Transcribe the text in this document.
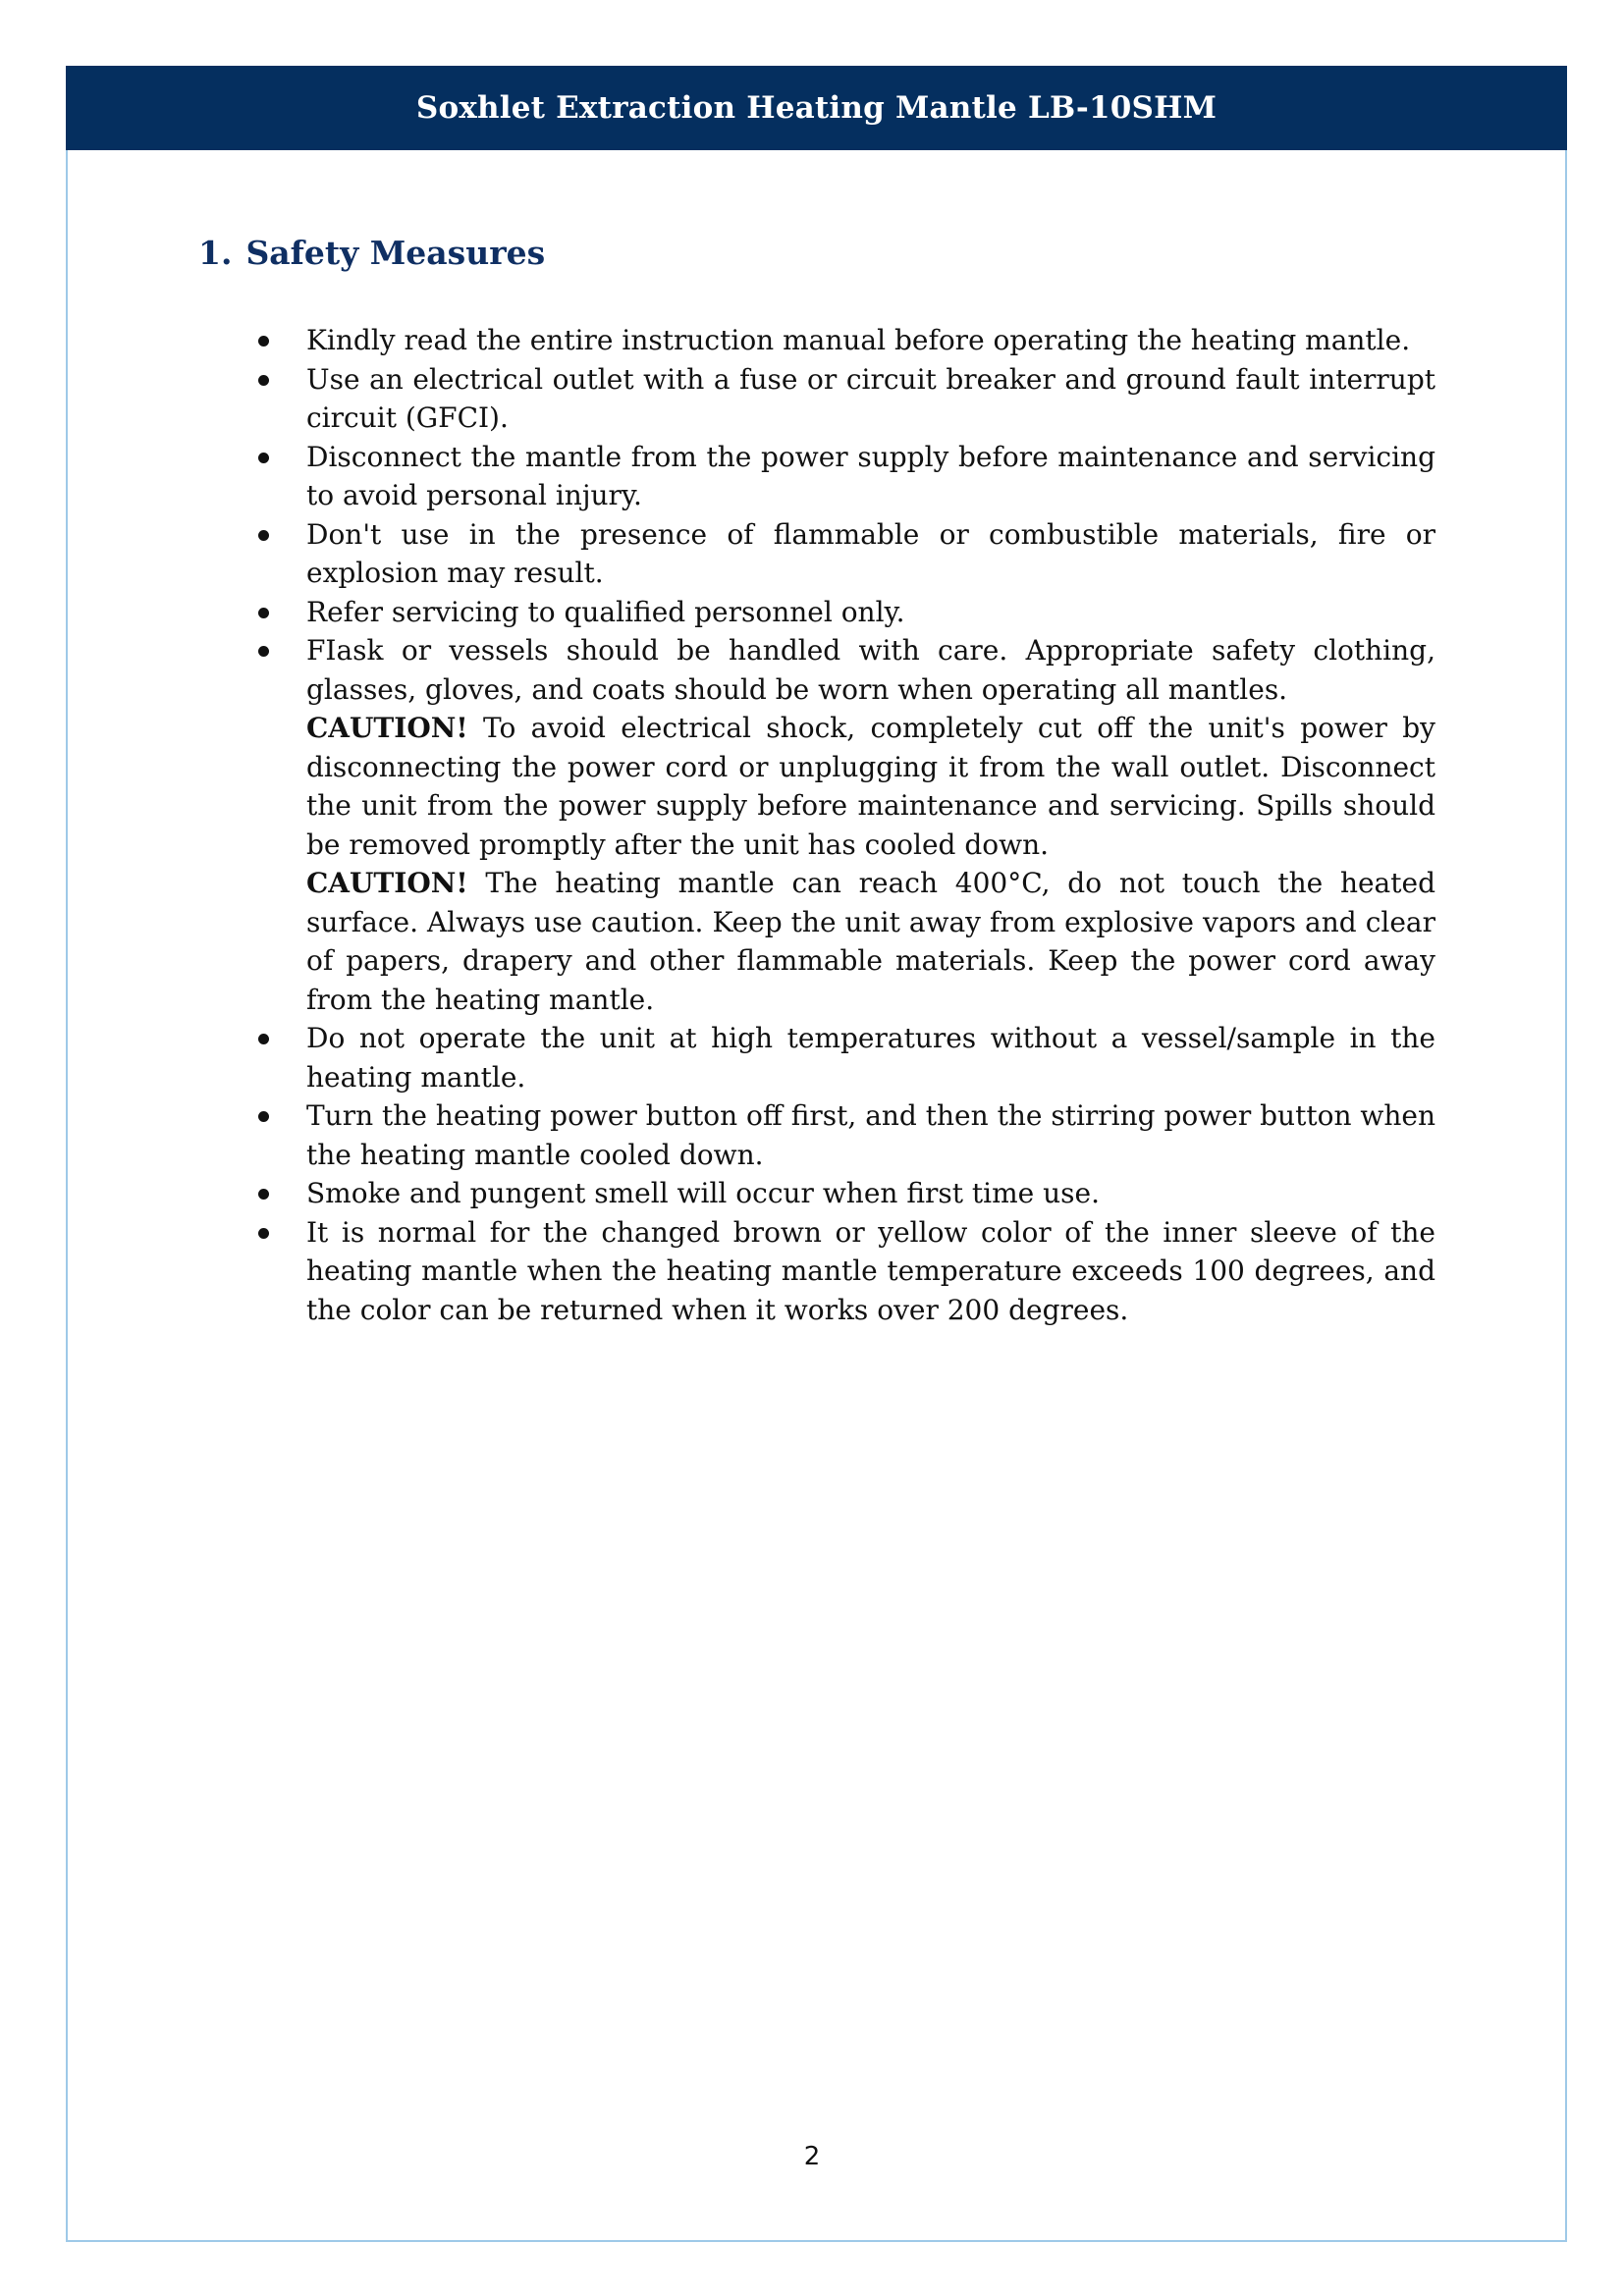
Soxhlet Extraction Heating Mantle LB-10SHM
1. Safety Measures
Kindly read the entire instruction manual before operating the heating mantle.
Use an electrical outlet with a fuse or circuit breaker and ground fault interrupt circuit (GFCI).
Disconnect the mantle from the power supply before maintenance and servicing to avoid personal injury.
Don't use in the presence of flammable or combustible materials, fire or explosion may result.
Refer servicing to qualified personnel only.
FIask or vessels should be handled with care. Appropriate safety clothing, glasses, gloves, and coats should be worn when operating all mantles.
CAUTION! To avoid electrical shock, completely cut off the unit's power by disconnecting the power cord or unplugging it from the wall outlet. Disconnect the unit from the power supply before maintenance and servicing. Spills should be removed promptly after the unit has cooled down.
CAUTION! The heating mantle can reach 400°C, do not touch the heated surface. Always use caution. Keep the unit away from explosive vapors and clear of papers, drapery and other flammable materials. Keep the power cord away from the heating mantle.
Do not operate the unit at high temperatures without a vessel/sample in the heating mantle.
Turn the heating power button off first, and then the stirring power button when the heating mantle cooled down.
Smoke and pungent smell will occur when first time use.
It is normal for the changed brown or yellow color of the inner sleeve of the heating mantle when the heating mantle temperature exceeds 100 degrees, and the color can be returned when it works over 200 degrees.
2
